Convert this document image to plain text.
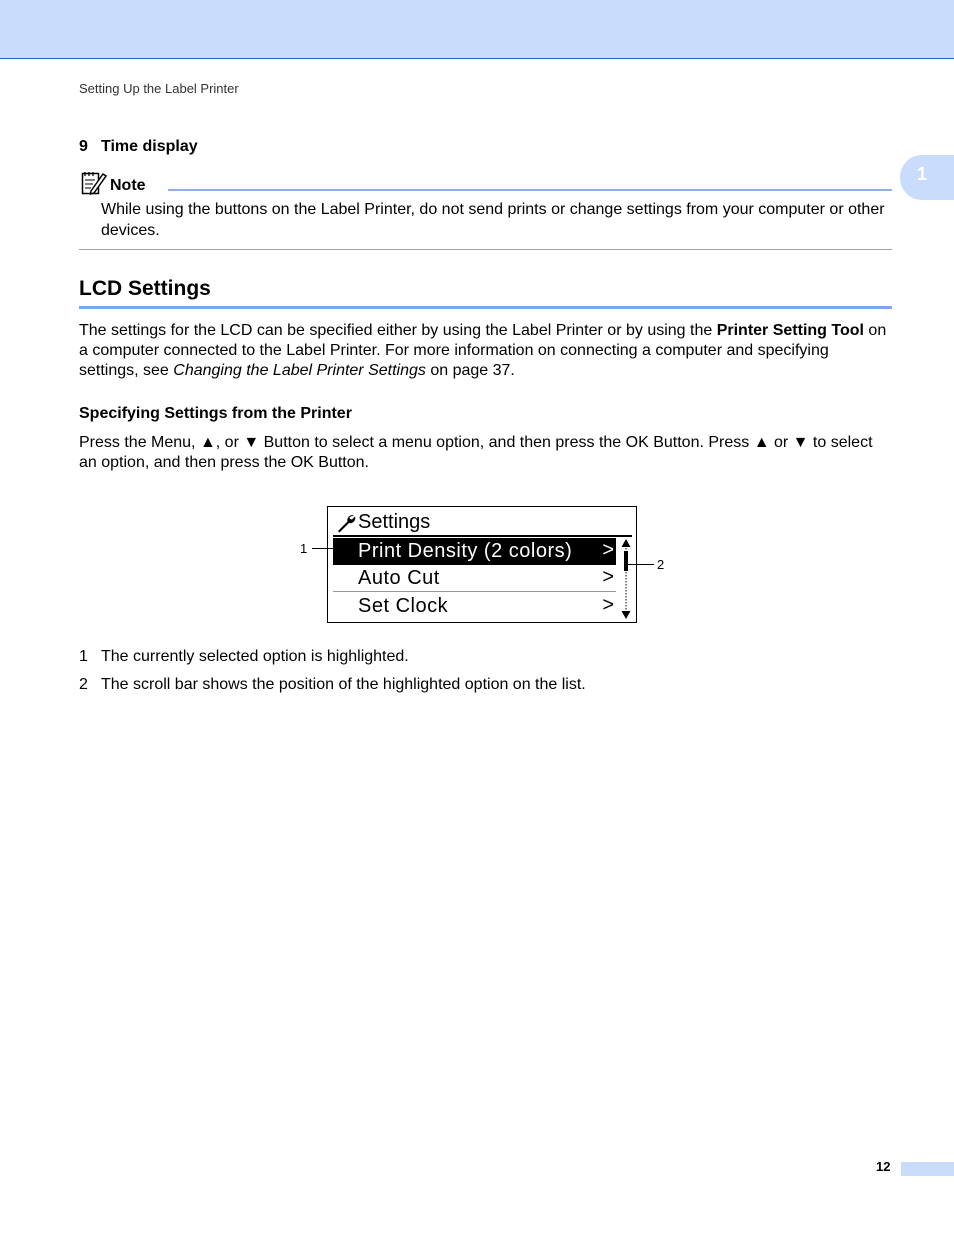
Setting Up the Label Printer
1
9 Time display
Note
While using the buttons on the Label Printer, do not send prints or change settings from your computer or other devices.
LCD Settings
The settings for the LCD can be specified either by using the Label Printer or by using the Printer Setting Tool on a computer connected to the Label Printer. For more information on connecting a computer and specifying settings, see Changing the Label Printer Settings on page 37.
Specifying Settings from the Printer
Press the Menu, ▲, or ▼ Button to select a menu option, and then press the OK Button. Press ▲ or ▼ to select an option, and then press the OK Button.
Settings
Print Density (2 colors) >
Auto Cut	>
Set Clock	>
1
2
1 The currently selected option is highlighted.
2 The scroll bar shows the position of the highlighted option on the list.
12
